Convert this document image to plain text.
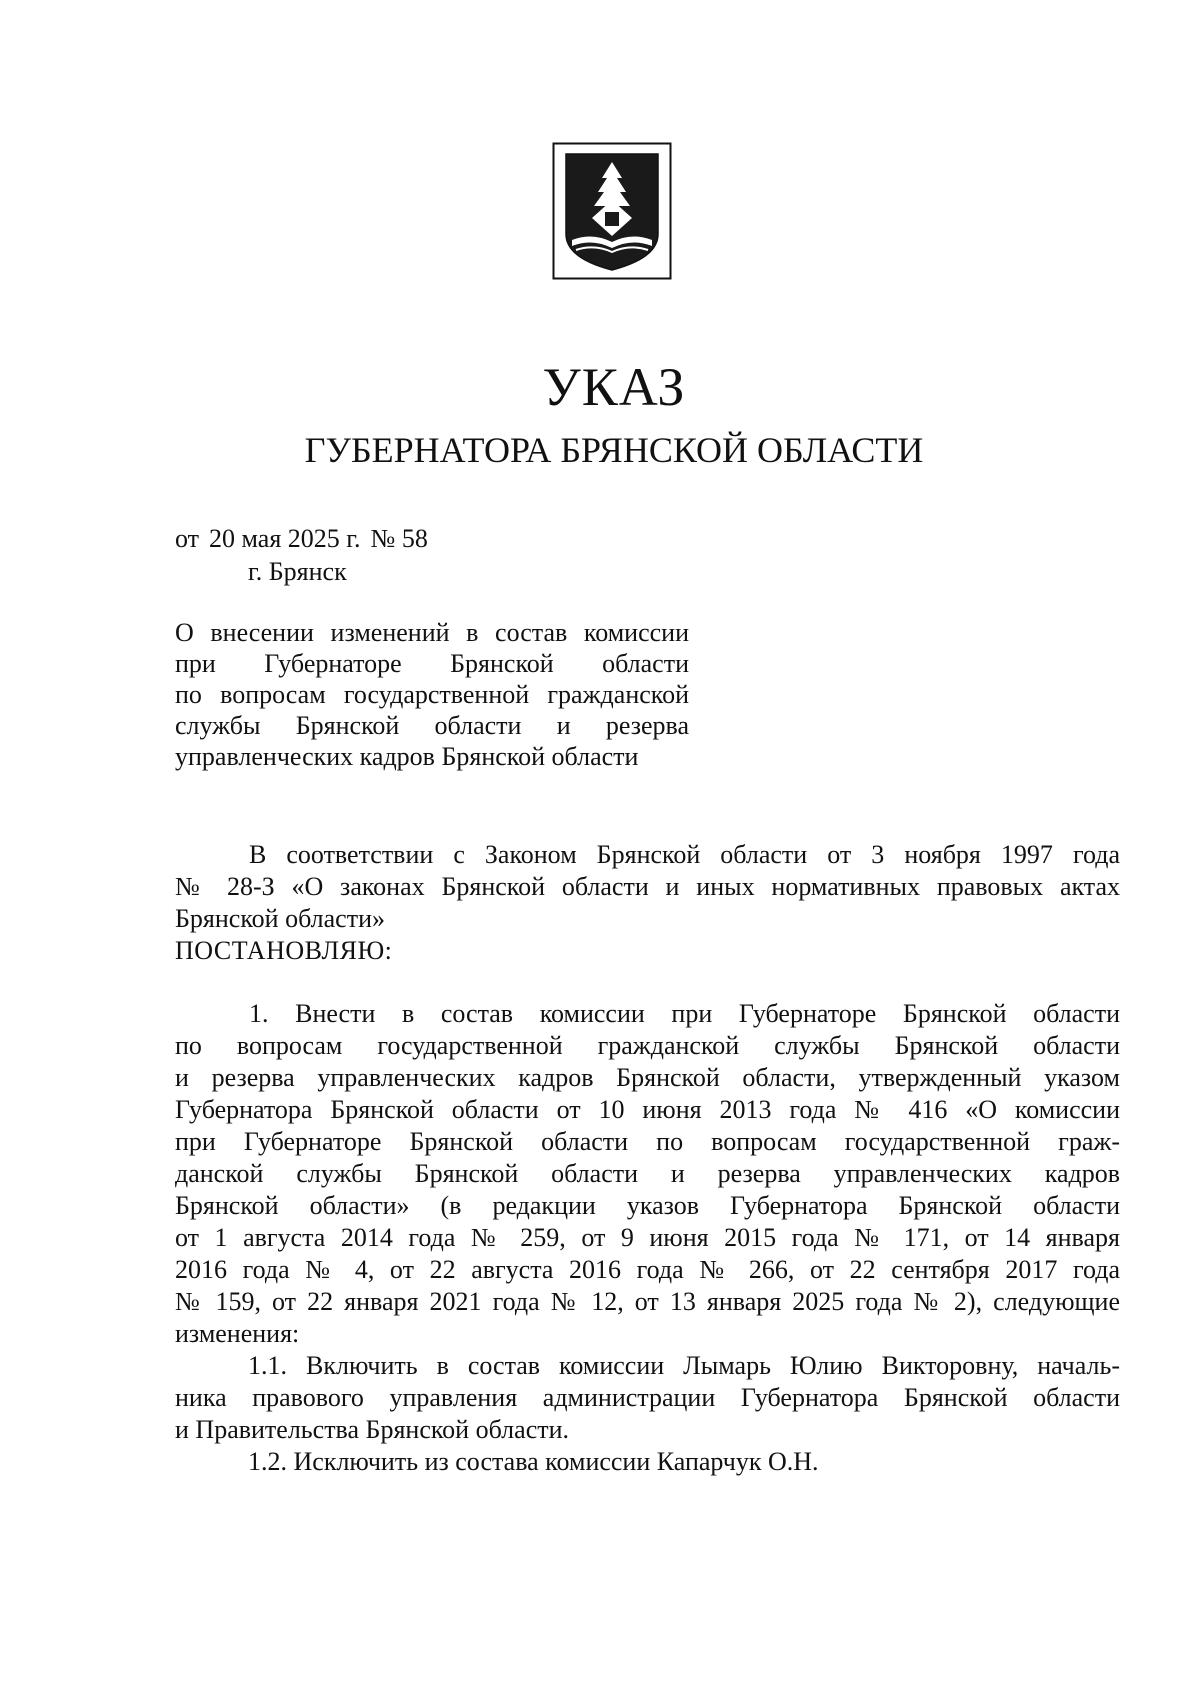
УКАЗ
ГУБЕРНАТОРА БРЯНСКОЙ ОБЛАСТИ
от 20 мая 2025 г. № 58
г. Брянск
О внесении изменений в состав комиссии
при Губернаторе Брянской области
по вопросам государственной гражданской
службы Брянской области и резерва
управленческих кадров Брянской области
В соответствии с Законом Брянской области от 3 ноября 1997 года
№ 28-З «О законах Брянской области и иных нормативных правовых актах
Брянской области»
ПОСТАНОВЛЯЮ:
1. Внести в состав комиссии при Губернаторе Брянской области
по вопросам государственной гражданской службы Брянской области
и резерва управленческих кадров Брянской области, утвержденный указом
Губернатора Брянской области от 10 июня 2013 года № 416 «О комиссии
при Губернаторе Брянской области по вопросам государственной граж-
данской службы Брянской области и резерва управленческих кадров
Брянской области» (в редакции указов Губернатора Брянской области
от 1 августа 2014 года № 259, от 9 июня 2015 года № 171, от 14 января
2016 года № 4, от 22 августа 2016 года № 266, от 22 сентября 2017 года
№ 159, от 22 января 2021 года № 12, от 13 января 2025 года № 2), следующие
изменения:
1.1. Включить в состав комиссии Лымарь Юлию Викторовну, началь-
ника правового управления администрации Губернатора Брянской области
и Правительства Брянской области.
1.2. Исключить из состава комиссии Капарчук О.Н.
